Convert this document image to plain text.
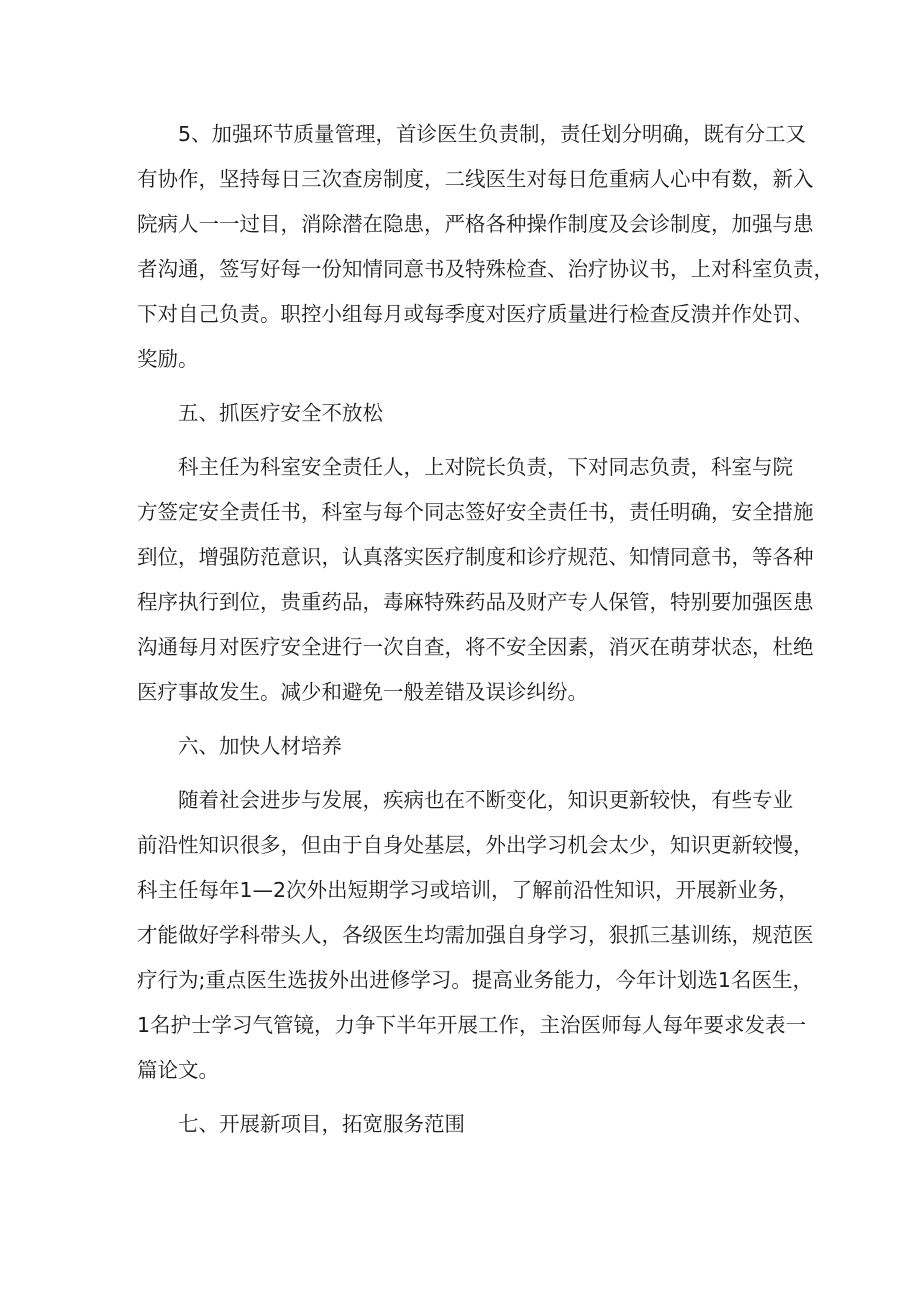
5、加强环节质量管理，首诊医生负责制，责任划分明确，既有分工又
有协作，坚持每日三次查房制度，二线医生对每日危重病人心中有数，新入
院病人一一过目，消除潜在隐患，严格各种操作制度及会诊制度，加强与患
者沟通，签写好每一份知情同意书及特殊检查、治疗协议书，上对科室负责，
下对自己负责。职控小组每月或每季度对医疗质量进行检查反溃并作处罚、
奖励。
五、抓医疗安全不放松
科主任为科室安全责任人，上对院长负责，下对同志负责，科室与院
方签定安全责任书，科室与每个同志签好安全责任书，责任明确，安全措施
到位，增强防范意识，认真落实医疗制度和诊疗规范、知情同意书，等各种
程序执行到位，贵重药品，毒麻特殊药品及财产专人保管，特别要加强医患
沟通每月对医疗安全进行一次自查，将不安全因素，消灭在萌芽状态，杜绝
医疗事故发生。减少和避免一般差错及误诊纠纷。
六、加快人材培养
随着社会进步与发展，疾病也在不断变化，知识更新较快，有些专业
前沿性知识很多，但由于自身处基层，外出学习机会太少，知识更新较慢，
科主任每年1—2次外出短期学习或培训，了解前沿性知识，开展新业务，
才能做好学科带头人，各级医生均需加强自身学习，狠抓三基训练，规范医
疗行为;重点医生选拔外出进修学习。提高业务能力，今年计划选1名医生，
1名护士学习气管镜，力争下半年开展工作，主治医师每人每年要求发表一
篇论文。
七、开展新项目，拓宽服务范围
